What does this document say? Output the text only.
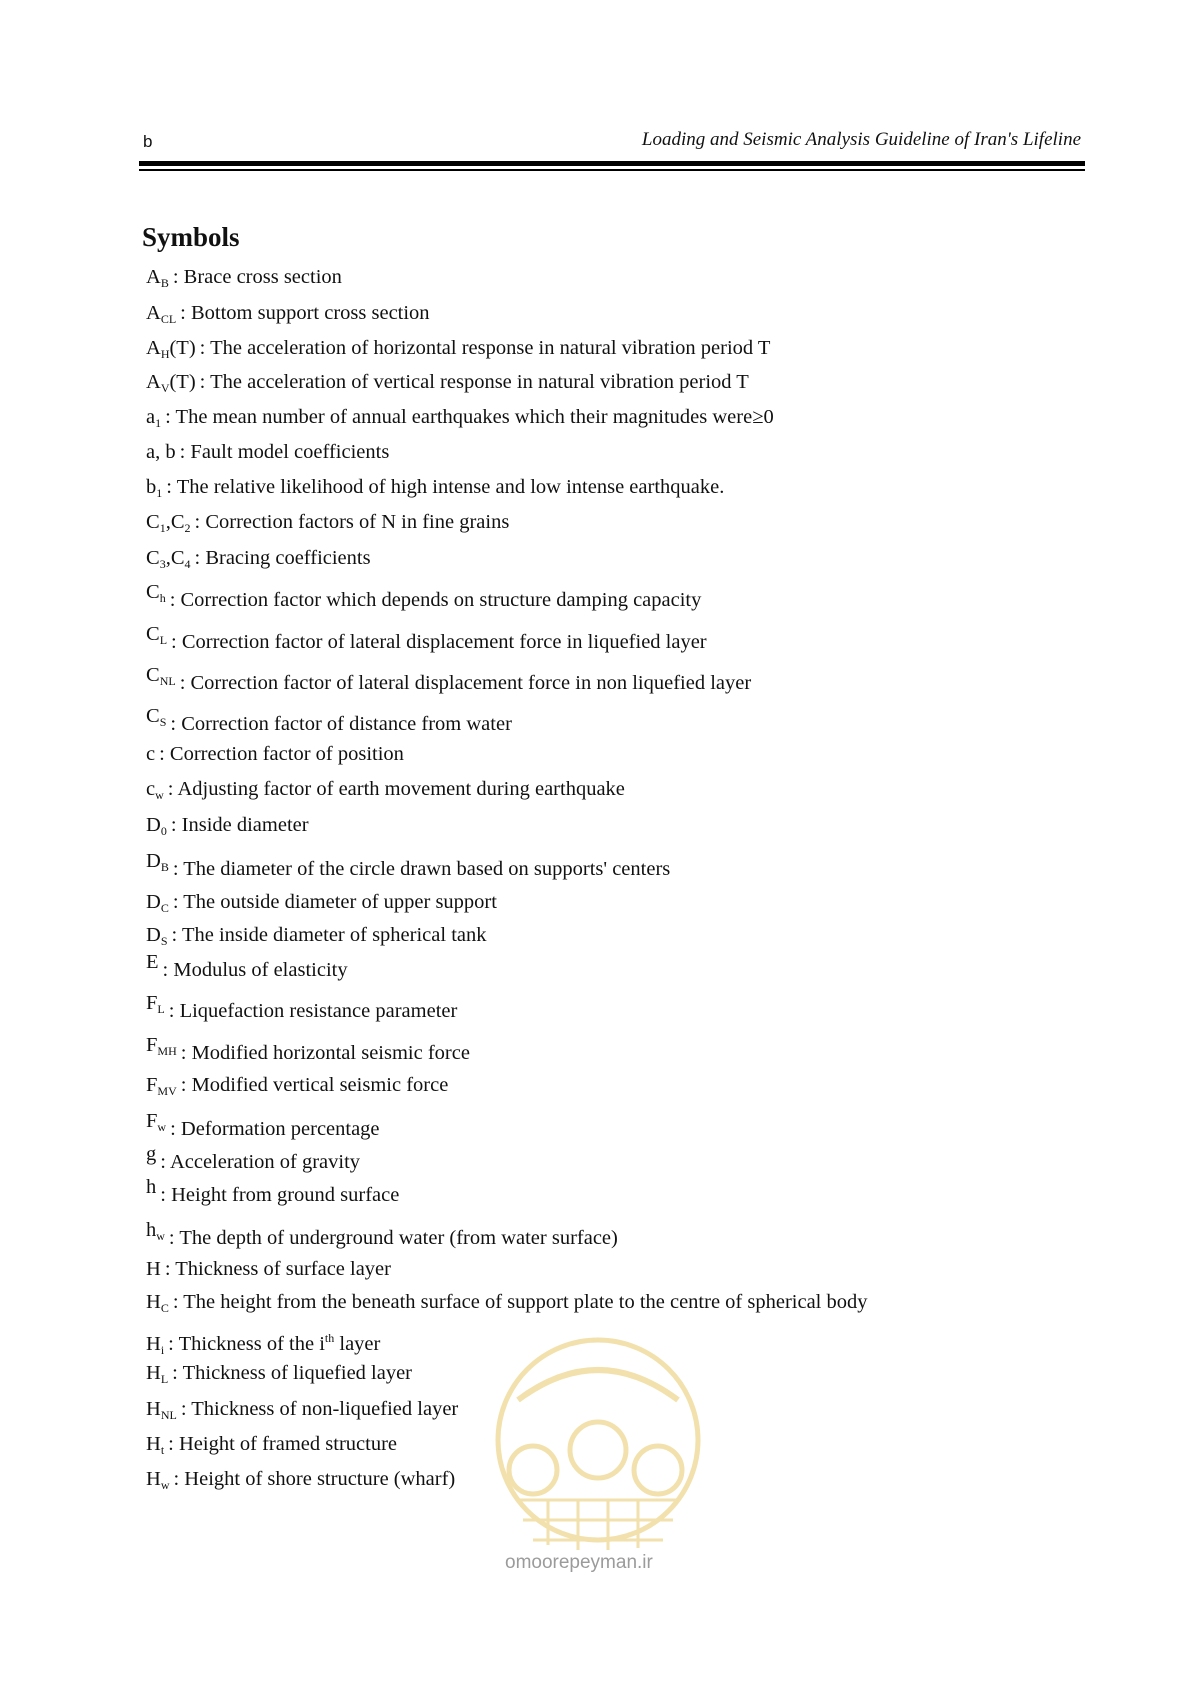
b	Loading and Seismic Analysis Guideline of Iran's Lifeline
Symbols
$A_B$ : Brace cross section
$A_{CL}$ : Bottom support cross section
$A_H(T)$ : The acceleration of horizontal response in natural vibration period T
$A_V(T)$ : The acceleration of vertical response in natural vibration period T
$a_1$ : The mean number of annual earthquakes which their magnitudes were≥0
a, b : Fault model coefficients
$b_1$ : The relative likelihood of high intense and low intense earthquake.
$C_1,C_2$ : Correction factors of N in fine grains
$C_3,C_4$ : Bracing coefficients
$C_h$ : Correction factor which depends on structure damping capacity
$C_L$ : Correction factor of lateral displacement force in liquefied layer
$C_{NL}$ : Correction factor of lateral displacement force in non liquefied layer
$C_S$ : Correction factor of distance from water
c : Correction factor of position
$c_w$ : Adjusting factor of earth movement during earthquake
$D_0$ : Inside diameter
$D_B$ : The diameter of the circle drawn based on supports' centers
$D_C$ : The outside diameter of upper support
$D_S$ : The inside diameter of spherical tank
E : Modulus of elasticity
$F_L$ : Liquefaction resistance parameter
$F_{MH}$ : Modified horizontal seismic force
$F_{MV}$ : Modified vertical seismic force
$F_w$ : Deformation percentage
g : Acceleration of gravity
h : Height from ground surface
$h_w$ : The depth of underground water (from water surface)
H : Thickness of surface layer
$H_C$ : The height from the beneath surface of support plate to the centre of spherical body
$H_i$ : Thickness of the $i^{th}$ layer
$H_L$ : Thickness of liquefied layer
$H_{NL}$ : Thickness of non-liquefied layer
$H_t$ : Height of framed structure
$H_w$ : Height of shore structure (wharf)
omoorepeyman.ir
